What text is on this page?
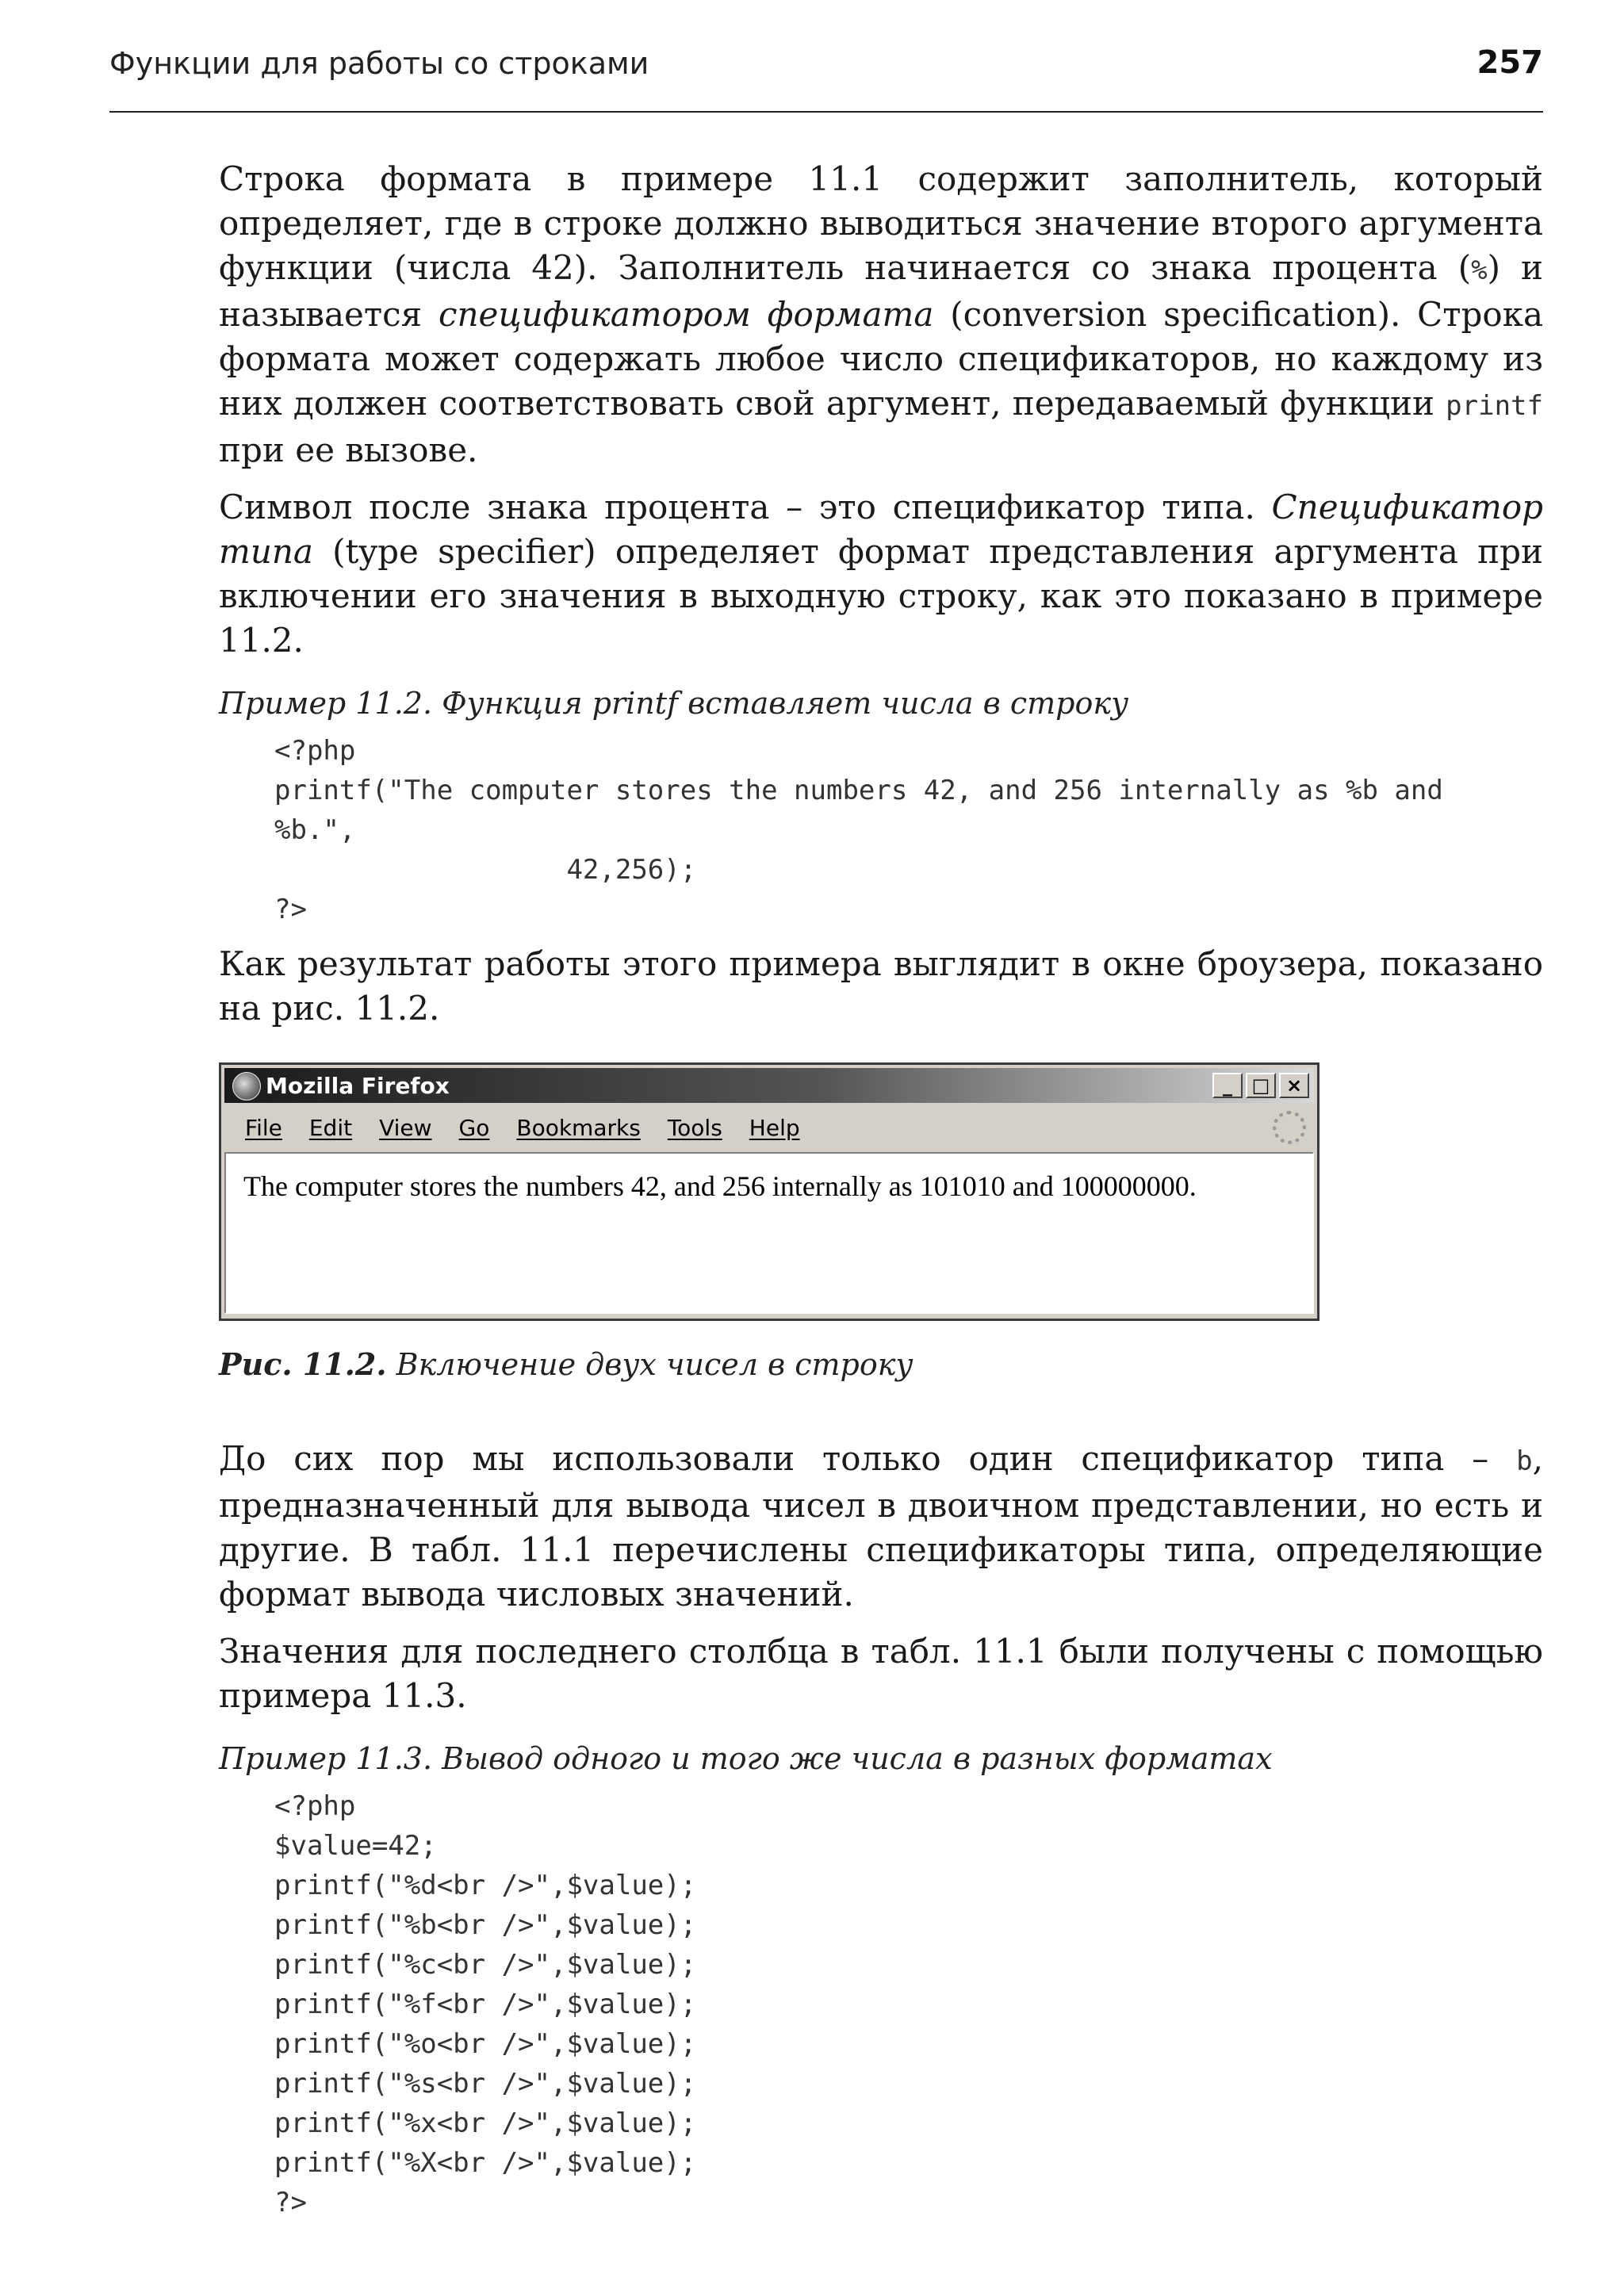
Функции для работы со строками	257

Строка формата в примере 11.1 содержит заполнитель, который определяет, где в строке должно выводиться значение второго аргумента функции (числа 42). Заполнитель начинается со знака процента (%) и называется спецификатором формата (conversion specification). Строка формата может содержать любое число спецификаторов, но каждому из них должен соответствовать свой аргумент, передаваемый функции printf при ее вызове.

Символ после знака процента – это спецификатор типа. Спецификатор типа (type specifier) определяет формат представления аргумента при включении его значения в выходную строку, как это показано в примере 11.2.

Пример 11.2. Функция printf вставляет числа в строку
<?php
printf("The computer stores the numbers 42, and 256 internally as %b and
%b.",
42,256);
?>

Как результат работы этого примера выглядит в окне броузера, показано на рис. 11.2.

Mozilla Firefox	_	□ ×
File Edit View Go Bookmarks Tools Help
The computer stores the numbers 42, and 256 internally as 101010 and 100000000.
Рис. 11.2. Включение двух чисел в строку

До сих пор мы использовали только один спецификатор типа – b, предназначенный для вывода чисел в двоичном представлении, но есть и другие. В табл. 11.1 перечислены спецификаторы типа, определяющие формат вывода числовых значений.

Значения для последнего столбца в табл. 11.1 были получены с помощью примера 11.3.

Пример 11.3. Вывод одного и того же числа в разных форматах
<?php
$value=42;
printf("%d<br />",$value);
printf("%b<br />",$value);
printf("%c<br />",$value);
printf("%f<br />",$value);
printf("%o<br />",$value);
printf("%s<br />",$value);
printf("%x<br />",$value);
printf("%X<br />",$value);
?>
